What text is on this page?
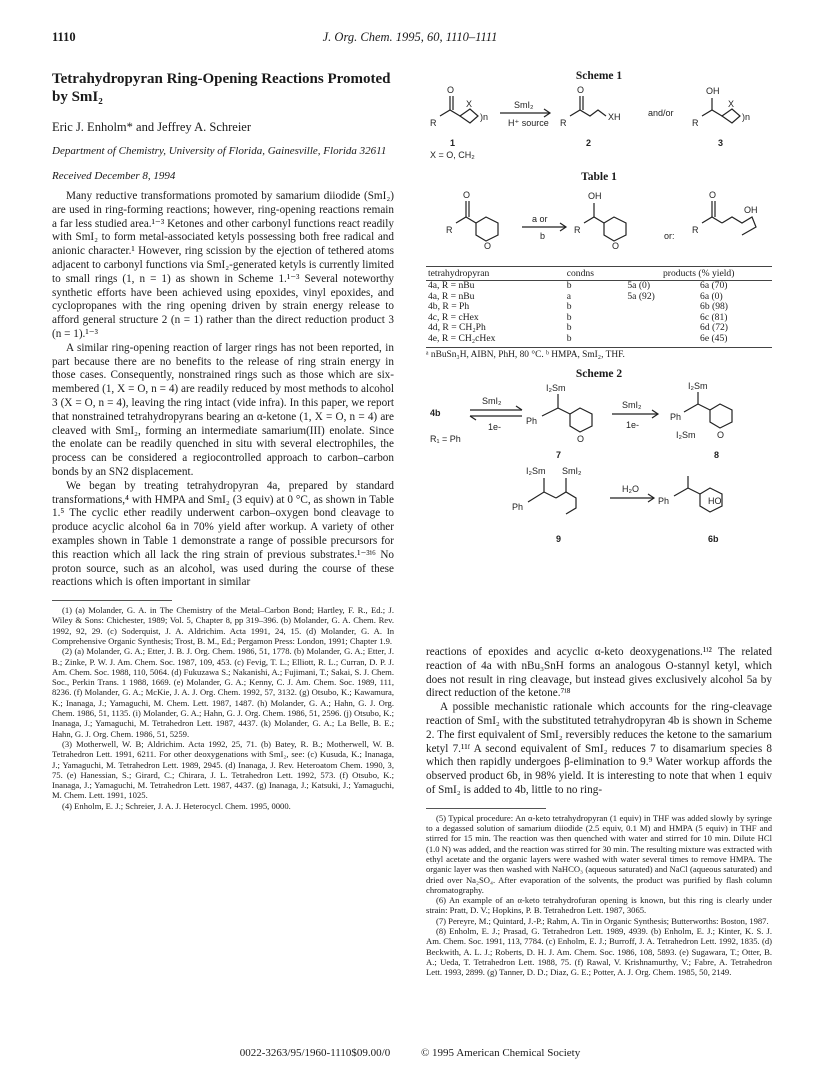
1110	J. Org. Chem. 1995, 60, 1110–1111
Tetrahydropyran Ring-Opening Reactions Promoted by SmI₂
Eric J. Enholm* and Jeffrey A. Schreier
Department of Chemistry, University of Florida, Gainesville, Florida 32611
Received December 8, 1994

Many reductive transformations promoted by samarium diiodide (SmI₂) are used in ring-forming reactions; however, ring-opening reactions remain a far less studied area.¹⁻³ Ketones and other carbonyl functions react readily with SmI₂ to form metal-associated ketyls possessing both free radical and anionic character.¹ However, ring scission by the ejection of tethered atoms adjacent to carbonyl functions via SmI₂-generated ketyls is currently limited to small rings (1, n = 1) as shown in Scheme 1.¹⁻³ Several noteworthy synthetic efforts have been achieved using epoxides, vinyl epoxides, and cyclopropanes with the ring opening driven by strain energy release to afford general structure 2 (n = 1) rather than the direct reduction product 3 (n = 1).¹⁻³

A similar ring-opening reaction of larger rings has not been reported, in part because there are no benefits to the release of ring strain energy in those cases. Consequently, nonstrained rings such as those which are six-membered (1, X = O, n = 4) are readily reduced by most methods to alcohol 3 (X = O, n = 4), leaving the ring intact (vide infra). In this paper, we report that nonstrained tetrahydropyrans bearing an α-ketone (1, X = O, n = 4) are cleaved with SmI₂, forming an intermediate samarium(III) enolate. Since the enolate can be readily quenched in situ with several electrophiles, the process can be considered a regiocontrolled approach to carbon–carbon bonds by an SN2 displacement.

We began by treating tetrahydropyran 4a, prepared by standard transformations,⁴ with HMPA and SmI₂ (3 equiv) at 0 °C, as shown in Table 1.⁵ The cyclic ether readily underwent carbon–oxygen bond cleavage to produce acyclic alcohol 6a in 70% yield after workup. A variety of other examples shown in Table 1 demonstrate a range of possible precursors for this reaction which all lack the ring strain of previous substrates.¹⁻³ⁱ⁶ No proton source, such as an alcohol, was used during the course of these reactions which is often important in similar

(1) (a) Molander, G. A. in The Chemistry of the Metal–Carbon Bond; Hartley, F. R., Ed.; J. Wiley & Sons: Chichester, 1989; Vol. 5, Chapter 8, pp 319–396. (b) Molander, G. A. Chem. Rev. 1992, 92, 29. (c) Soderquist, J. A. Aldrichim. Acta 1991, 24, 15. (d) Molander, G. A. In Comprehensive Organic Synthesis; Trost, B. M., Ed.; Pergamon Press: London, 1991; Chapter 1.9.

(2) (a) Molander, G. A.; Etter, J. B. J. Org. Chem. 1986, 51, 1778. (b) Molander, G. A.; Etter, J. B.; Zinke, P. W. J. Am. Chem. Soc. 1987, 109, 453. (c) Fevig, T. L.; Elliott, R. L.; Curran, D. P. J. Am. Chem. Soc. 1988, 110, 5064. (d) Fukuzawa S.; Nakanishi, A.; Fujimani, T.; Sakai, S. J. Chem. Soc., Perkin Trans. 1 1988, 1669. (e) Molander, G. A.; Kenny, C. J. Am. Chem. Soc. 1989, 111, 8236. (f) Molander, G. A.; McKie, J. A. J. Org. Chem. 1992, 57, 3132. (g) Otsubo, K.; Kawamura, K.; Inanaga, J.; Yamaguchi, M. Chem. Lett. 1987, 1487. (h) Molander, G. A.; Hahn, G. J. Org. Chem. 1986, 51, 1135. (i) Molander, G. A.; Hahn, G. J. Org. Chem. 1986, 51, 2596. (j) Otsubo, K.; Inanaga, J.; Yamaguchi, M. Tetrahedron Lett. 1987, 4437. (k) Molander, G. A.; La Belle, B. E.; Hahn, G. J. Org. Chem. 1986, 51, 5259.

(3) Motherwell, W. B; Aldrichim. Acta 1992, 25, 71. (b) Batey, R. B.; Motherwell, W. B. Tetrahedron Lett. 1991, 6211. For other deoxygenations with SmI₂, see: (c) Kusuda, K.; Inanaga, J.; Yamaguchi, M. Tetrahedron Lett. 1989, 2945. (d) Inanaga, J. Rev. Heteroatom Chem. 1990, 3, 75. (e) Hanessian, S.; Girard, C.; Chirara, J. L. Tetrahedron Lett. 1992, 573. (f) Otsubo, K.; Inanaga, J.; Yamaguchi, M. Tetrahedron Lett. 1987, 4437. (g) Inanaga, J.; Katsuki, J.; Yamaguchi, M. Chem. Lett. 1991, 1025.

(4) Enholm, E. J.; Schreier, J. A. J. Heterocycl. Chem. 1995, 0000.

Scheme 1
O
R
X
)n
SmI₂
H⁺ source
O
R
XH	and/or
OH
R
X
)n
1	2	3
X = O, CH₂
Table 1
O
R
O
a or
b
OH
R
O
or:
O
R
OH
tetrahydropyran	condns	products (% yield)	
4a, R = nBu	b	5a (0)	6a (70)
4a, R = nBu	a	5a (92)	6a (0)
4b, R = Ph	b		6b (98)
4c, R = cHex	b		6c (81)
4d, R = CH₂Ph	b		6d (72)
4e, R = CH₂cHex	b		6e (45)
ᵃ nBuSn₃H, AIBN, PhH, 80 °C. ᵇ HMPA, SmI₂, THF.
Scheme 2
4b
SmI₂
1e-
I₂Sm
Ph
O
SmI₂
1e-
I₂Sm
Ph
I₂Sm O
R₁ = Ph
7	8
I₂Sm SmI₂
Ph
H₂O
Ph	HO
9	6b

reactions of epoxides and acyclic α-keto deoxygenations.¹ⁱ² The related reaction of 4a with nBu₃SnH forms an analogous O-stannyl ketyl, which does not result in ring cleavage, but instead gives exclusively alcohol 5a by direct reduction of the ketone.⁷ⁱ⁸

A possible mechanistic rationale which accounts for the ring-cleavage reaction of SmI₂ with the substituted tetrahydropyran 4b is shown in Scheme 2. The first equivalent of SmI₂ reversibly reduces the ketone to the samarium ketyl 7.¹¹ᶠ A second equivalent of SmI₂ reduces 7 to disamarium species 8 which then rapidly undergoes β-elimination to 9.⁹ Water workup affords the observed product 6b, in 98% yield. It is interesting to note that when 1 equiv of SmI₂ is added to 4b, little to no ring-

(5) Typical procedure: An α-keto tetrahydropyran (1 equiv) in THF was added slowly by syringe to a degassed solution of samarium diiodide (2.5 equiv, 0.1 M) and HMPA (5 equiv) in THF and stirred for 15 min. The reaction was then quenched with water and stirred for 10 min. Dilute HCl (1.0 N) was added, and the reaction was stirred for 30 min. The resulting mixture was extracted with ethyl acetate and the organic layers were washed with water several times to remove HMPA. The organic layer was then washed with NaHCO₃ (aqueous saturated) and NaCl (aqueous saturated) and dried over Na₂SO₄. After evaporation of the solvents, the product was purified by flash column chromatography.

(6) An example of an α-keto tetrahydrofuran opening is known, but this ring is clearly under strain: Pratt, D. V.; Hopkins, P. B. Tetrahedron Lett. 1987, 3065.

(7) Pereyre, M.; Quintard, J.-P.; Rahm, A. Tin in Organic Synthesis; Butterworths: Boston, 1987.

(8) Enholm, E. J.; Prasad, G. Tetrahedron Lett. 1989, 4939. (b) Enholm, E. J.; Kinter, K. S. J. Am. Chem. Soc. 1991, 113, 7784. (c) Enholm, E. J.; Burroff, J. A. Tetrahedron Lett. 1992, 1835. (d) Beckwith, A. L. J.; Roberts, D. H. J. Am. Chem. Soc. 1986, 108, 5893. (e) Sugawara, T.; Otter, B. A.; Ueda, T. Tetrahedron Lett. 1988, 75. (f) Rawal, V. Krishnamurthy, V.; Fabre, A. Tetrahedron Lett. 1993, 2899. (g) Tanner, D. D.; Diaz, G. E.; Potter, A. J. Org. Chem. 1985, 50, 2149.

0022-3263/95/1960-1110$09.00/0	© 1995 American Chemical Society
